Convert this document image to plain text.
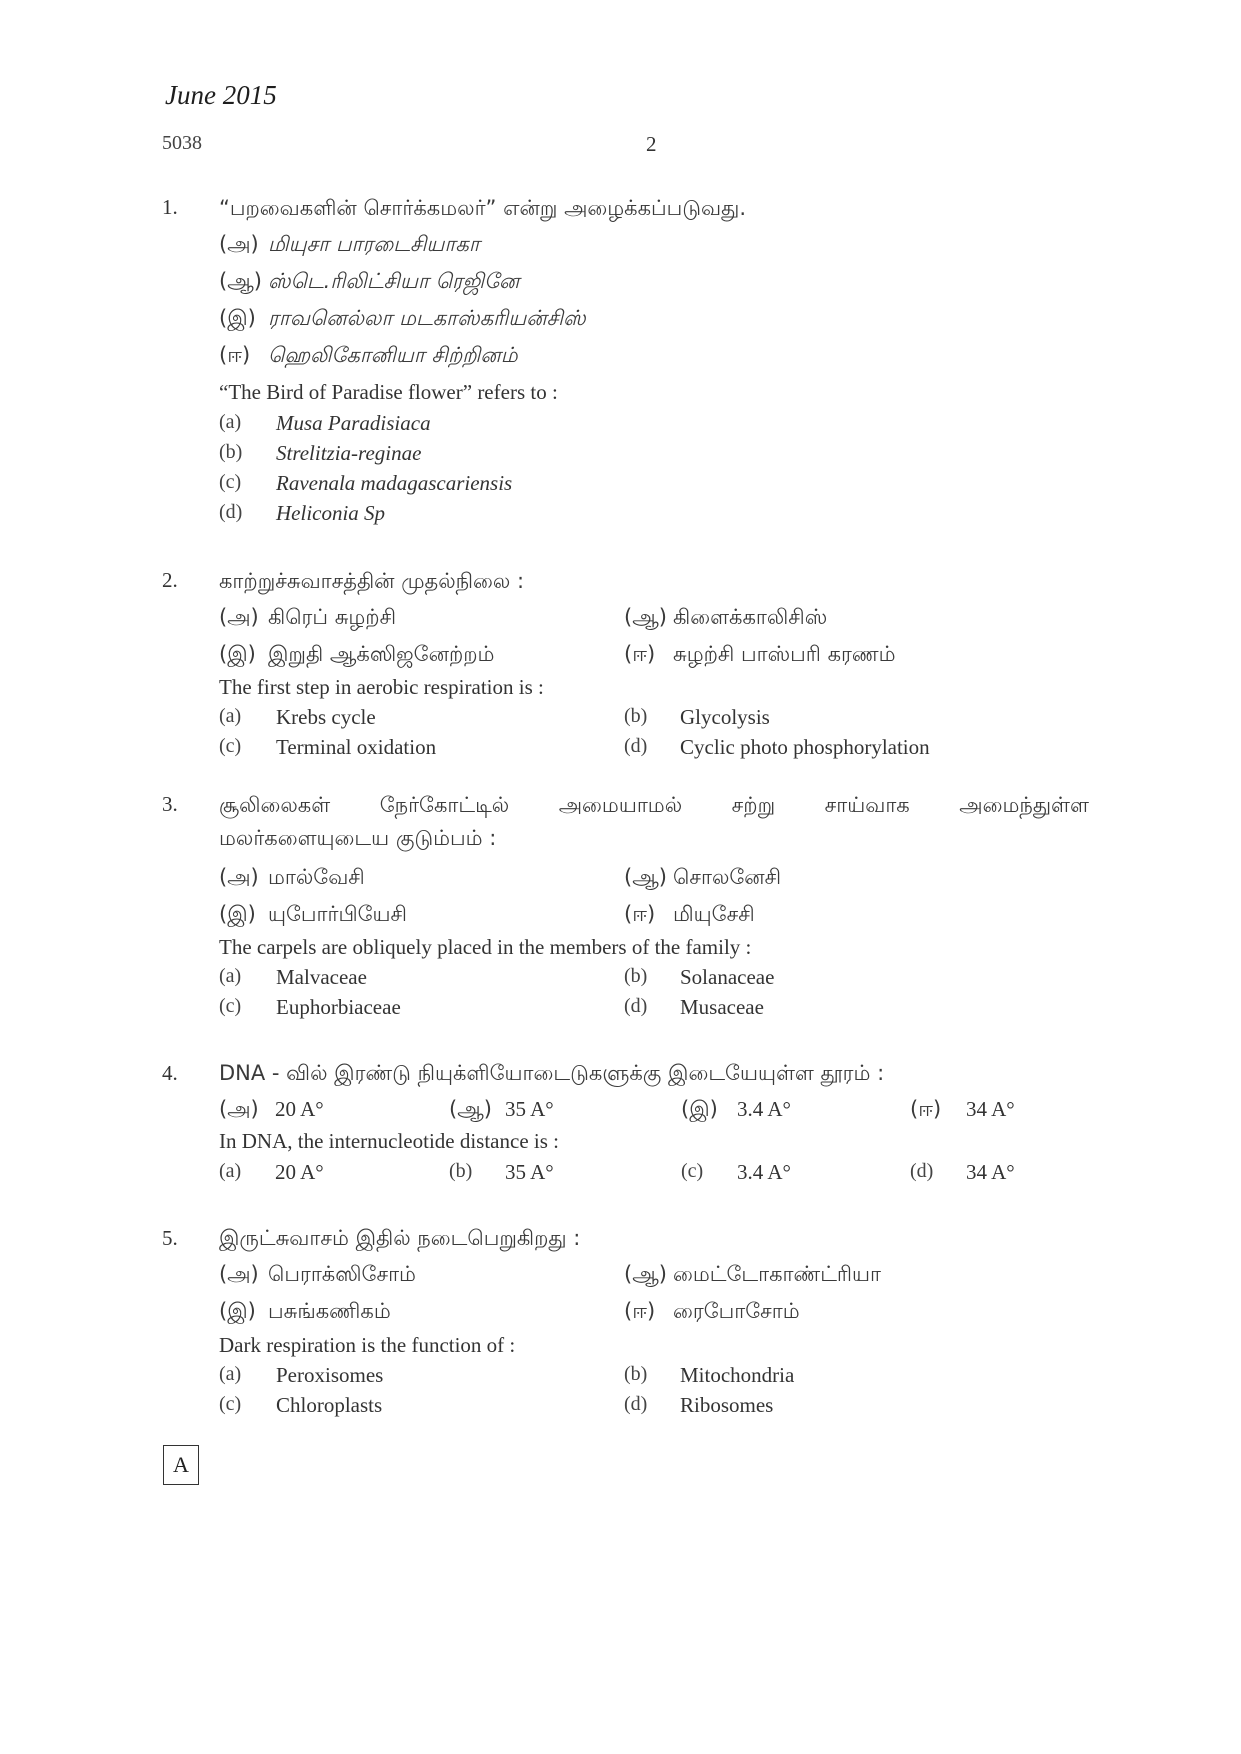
June 2015
5038	2
1. “பறவைகளின் சொர்க்கமலர்” என்று அழைக்கப்படுவது.
(அ) மியுசா பாரடைசியாகா
(ஆ) ஸ்டெ.ரிலிட்சியா ரெஜினே
(இ) ராவனெல்லா மடகாஸ்கரியன்சிஸ்
(ஈ) ஹெலிகோனியா சிற்றினம்
“The Bird of Paradise flower” refers to :
(a) Musa Paradisiaca
(b) Strelitzia-reginae
(c) Ravenala madagascariensis
(d) Heliconia Sp
2. காற்றுச்சுவாசத்தின் முதல்நிலை :
(அ) கிரெப் சுழற்சி	(ஆ) கிளைக்காலிசிஸ்
(இ) இறுதி ஆக்ஸிஜனேற்றம்	(ஈ) சுழற்சி பாஸ்பரி கரணம்
The first step in aerobic respiration is :
(a) Krebs cycle	(b) Glycolysis
(c) Terminal oxidation	(d) Cyclic photo phosphorylation
3. சூலிலைகள் நேர்கோட்டில் அமையாமல் சற்று சாய்வாக அமைந்துள்ள
மலர்களையுடைய குடும்பம் :
(அ) மால்வேசி	(ஆ) சொலனேசி
(இ) யுபோர்பியேசி	(ஈ) மியுசேசி
The carpels are obliquely placed in the members of the family :
(a) Malvaceae	(b) Solanaceae
(c) Euphorbiaceae	(d) Musaceae
4. DNA - வில் இரண்டு நியுக்ளியோடைடுகளுக்கு இடையேயுள்ள தூரம் :
(அ) 20 A°	(ஆ) 35 A°	(இ) 3.4 A°	(ஈ) 34 A°
In DNA, the internucleotide distance is :
(a) 20 A°	(b) 35 A°	(c) 3.4 A°	(d) 34 A°
5. இருட்சுவாசம் இதில் நடைபெறுகிறது :
(அ) பெராக்ஸிசோம்	(ஆ) மைட்டோகாண்ட்ரியா
(இ) பசுங்கணிகம்	(ஈ) ரைபோசோம்
Dark respiration is the function of :
(a) Peroxisomes	(b) Mitochondria
(c) Chloroplasts	(d) Ribosomes
A
